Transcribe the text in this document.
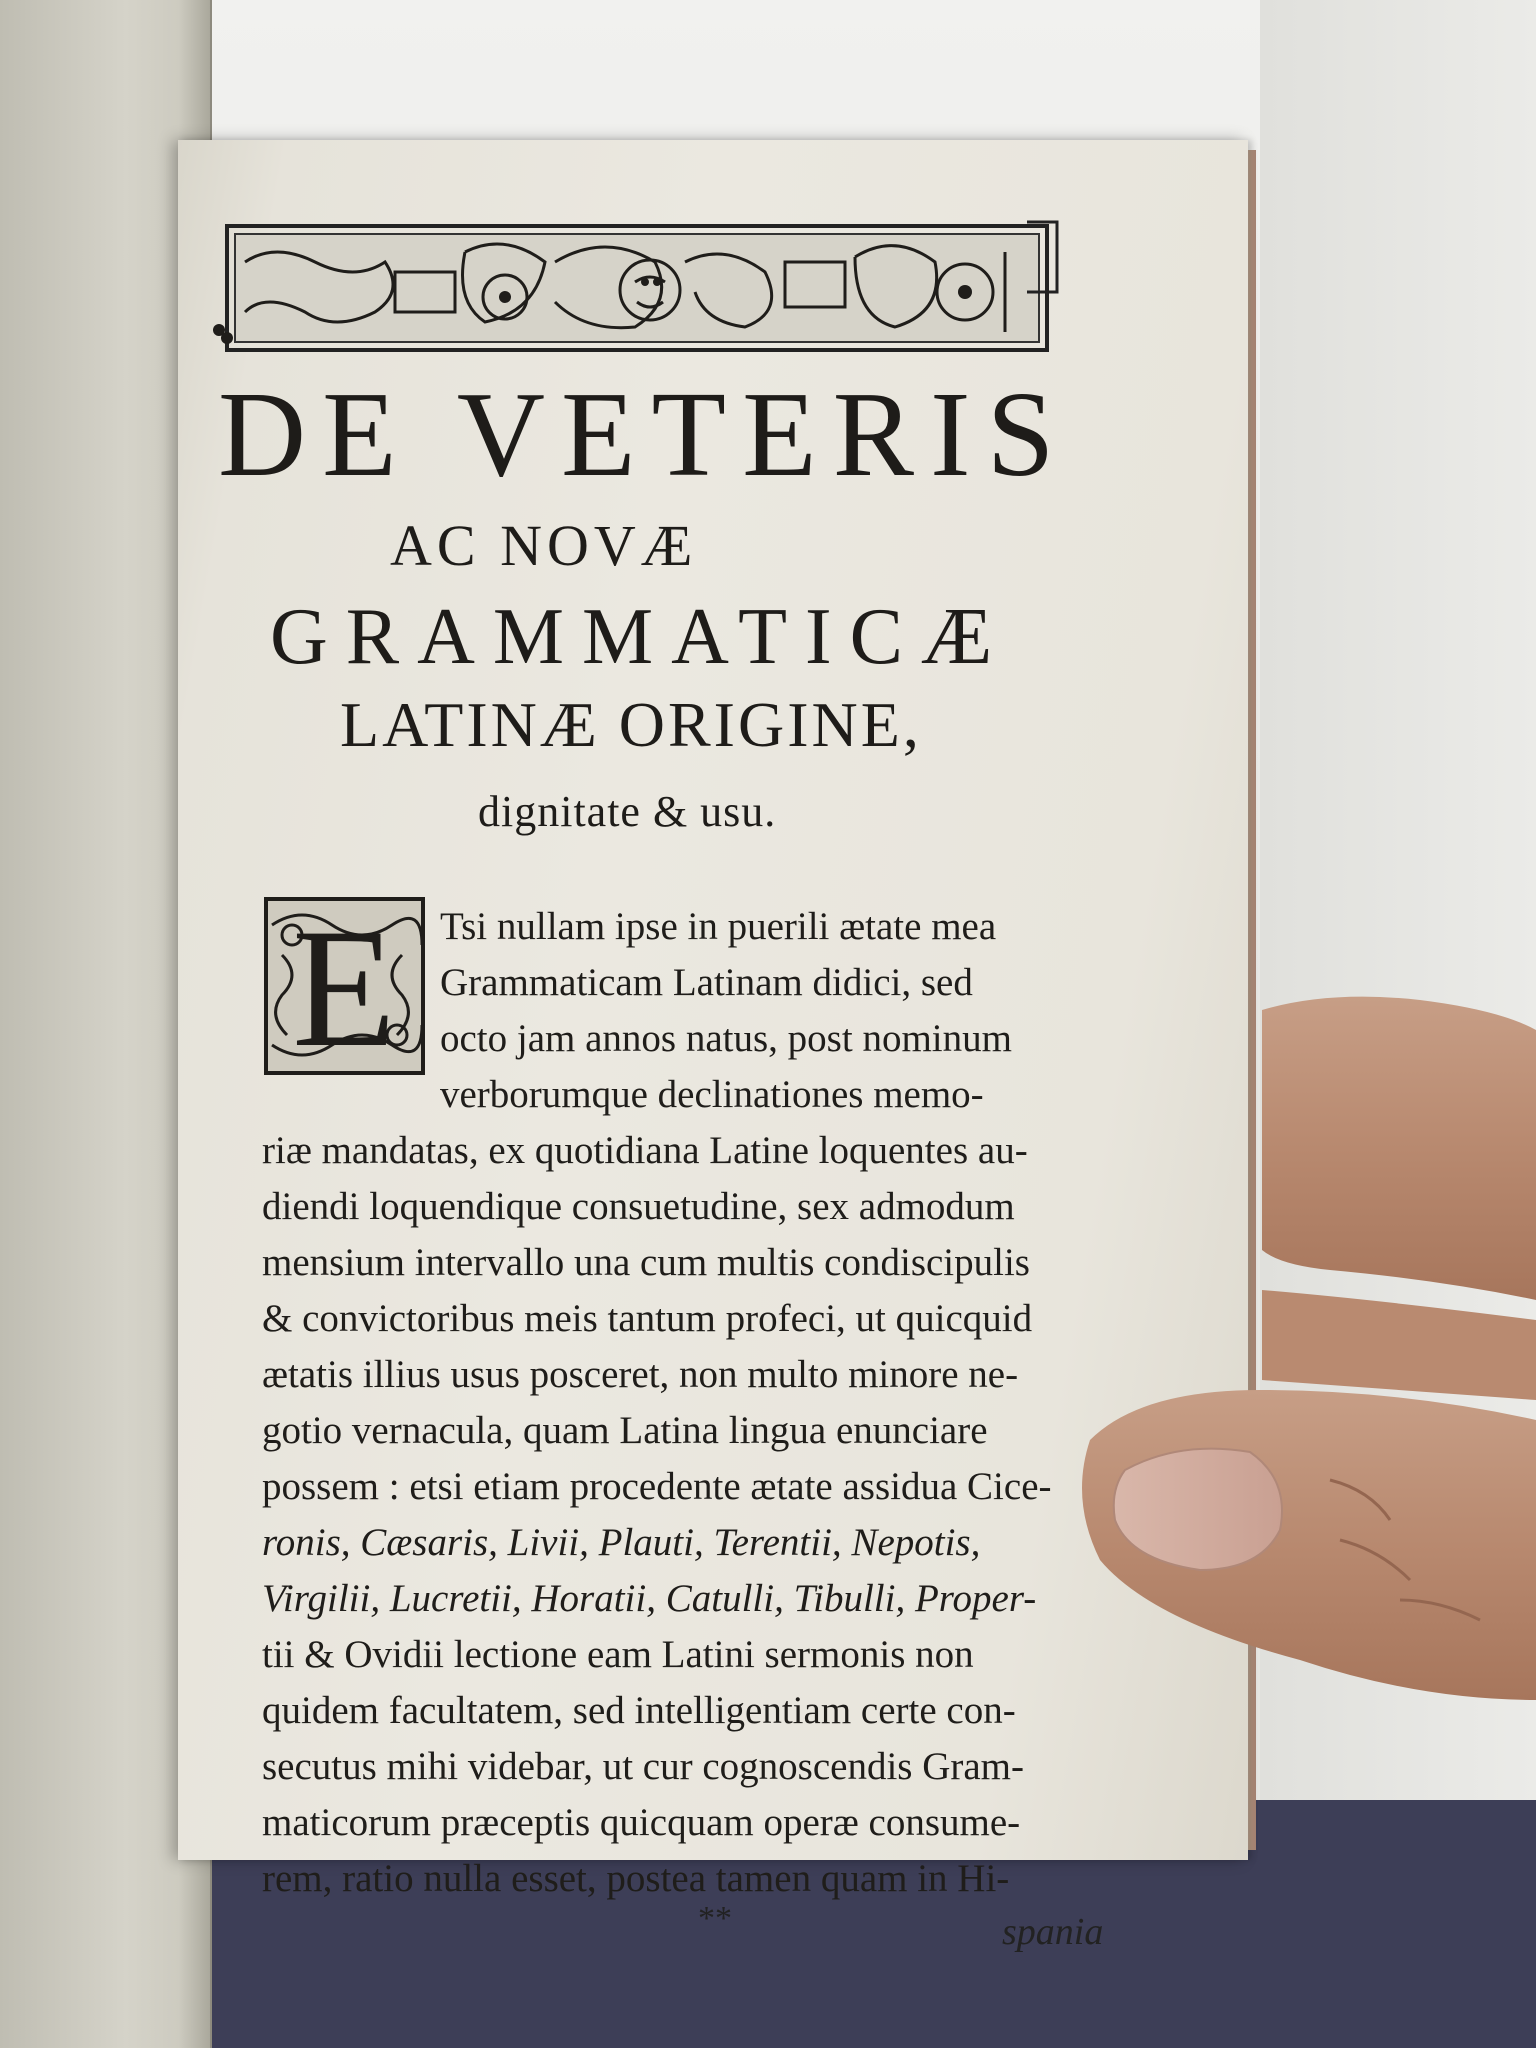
DE VETERIS
AC NOVÆ
GRAMMATICÆ
LATINÆ ORIGINE,
dignitate & usu.
E Tsi nullam ipse in puerili ætate mea

Grammaticam Latinam didici, sed

octo jam annos natus, post nominum

verborumque declinationes memo-

riæ mandatas, ex quotidiana Latine loquentes au-

diendi loquendique consuetudine, sex admodum

mensium intervallo una cum multis condiscipulis

& convictoribus meis tantum profeci, ut quicquid

ætatis illius usus posceret, non multo minore ne-

gotio vernacula, quam Latina lingua enunciare

possem : etsi etiam procedente ætate assidua Cice-

ronis, Cæsaris, Livii, Plauti, Terentii, Nepotis,

Virgilii, Lucretii, Horatii, Catulli, Tibulli, Proper-

tii & Ovidii lectione eam Latini sermonis non

quidem facultatem, sed intelligentiam certe con-

secutus mihi videbar, ut cur cognoscendis Gram-

maticorum præceptis quicquam operæ consume-

rem, ratio nulla esset, postea tamen quam in Hi-

**	spania
